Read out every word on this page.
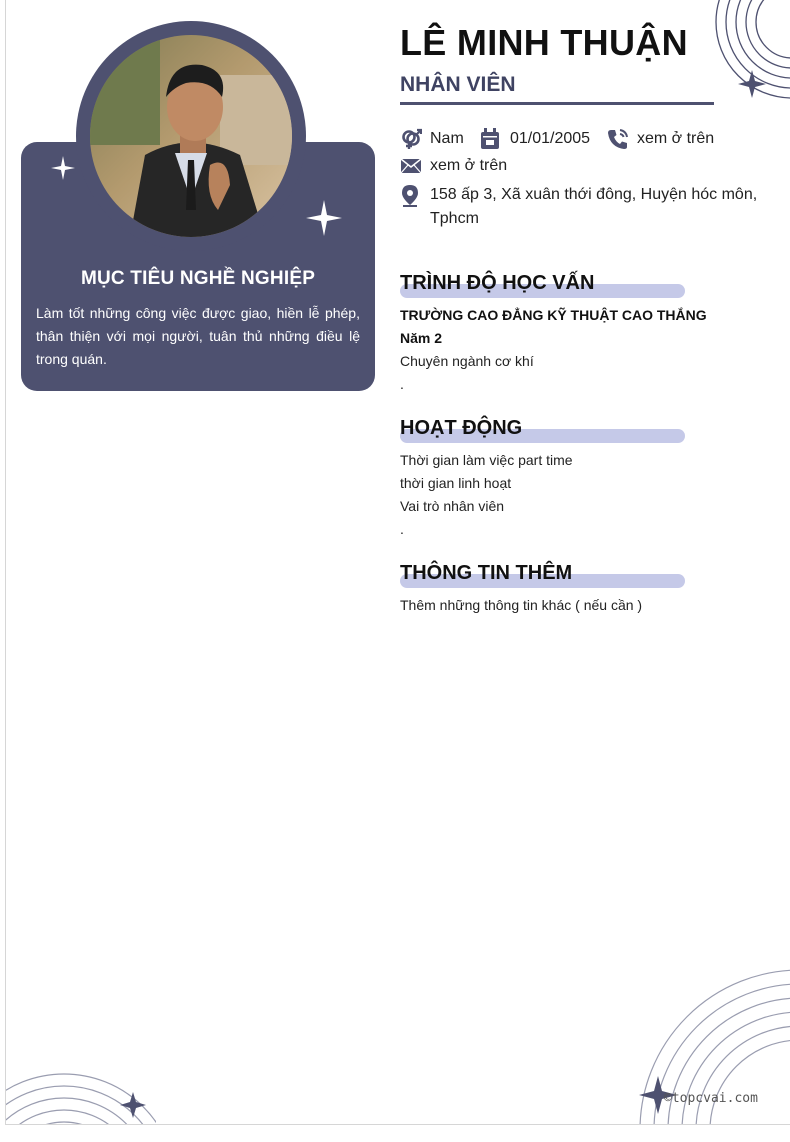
MỤC TIÊU NGHỀ NGHIỆP
Làm tốt những công việc được giao, hiền lễ phép, thân thiện với mọi người, tuân thủ những điều lệ trong quán.
LÊ MINH THUẬN
NHÂN VIÊN
Nam	01/01/2005	xem ở trên
xem ở trên
158 ấp 3, Xã xuân thới đông, Huyện hóc môn, Tphcm
TRÌNH ĐỘ HỌC VẤN
TRƯỜNG CAO ĐẲNG KỸ THUẬT CAO THẮNG
Năm 2
Chuyên ngành cơ khí
.
HOẠT ĐỘNG
Thời gian làm việc part time
thời gian linh hoạt
Vai trò nhân viên
.
THÔNG TIN THÊM
Thêm những thông tin khác ( nếu cần )
©topcvai.com
